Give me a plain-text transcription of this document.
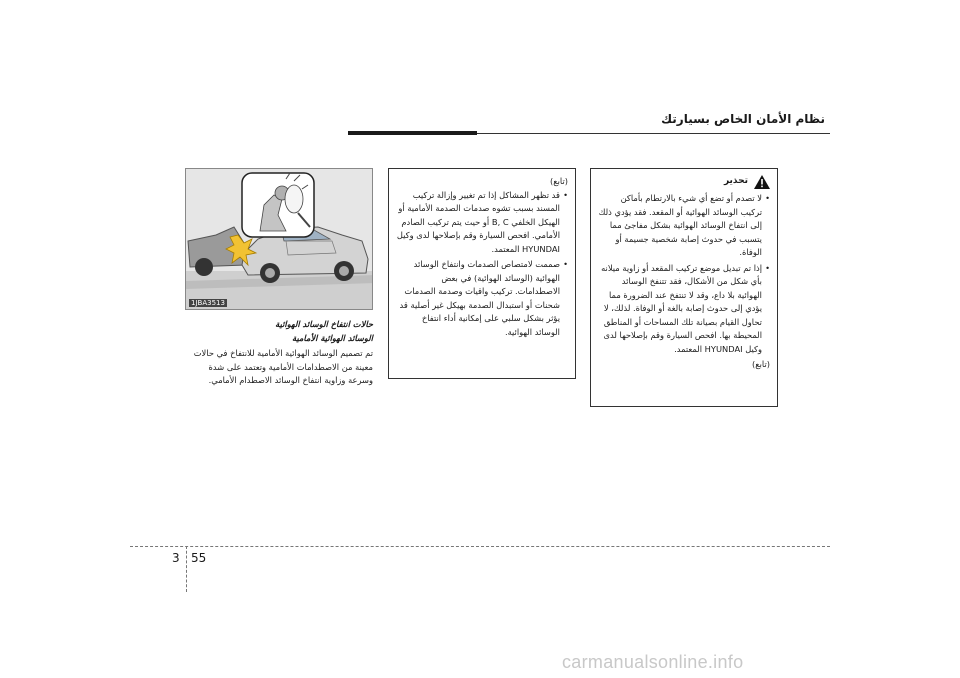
نظام الأمان الخاص بسيارتك
تحذير
• لا تصدم أو تضع أي شيء بالارتطام بأماكن تركيب الوسائد الهوائية أو المقعد. فقد يؤدي ذلك إلى انتفاخ الوسائد الهوائية بشكل مفاجئ مما يتسبب في حدوث إصابة شخصية جسيمة أو الوفاة.
• إذا تم تبديل موضع تركيب المقعد أو زاوية ميلانه بأي شكل من الأشكال، فقد تتنفخ الوسائد الهوائية بلا داع، وقد لا تنتفخ عند الضرورة مما يؤدي إلى حدوث إصابة بالغة أو الوفاة. لذلك، لا تحاول القيام بصيانة تلك المساحات أو المناطق المحيطة بها. افحص السيارة وقم بإصلاحها لدى وكيل HYUNDAI المعتمد.
(تابع)
(تابع)
• قد تظهر المشاكل إذا تم تغيير وإزالة تركيب المسند بسبب تشوه صدمات الصدمة الأمامية أو الهيكل الخلفي B, C أو حيث يتم تركيب الصادم الأمامي. افحص السيارة وقم بإصلاحها لدى وكيل HYUNDAI المعتمد.
• صممت لامتصاص الصدمات وانتفاخ الوسائد الهوائية (الوسائد الهوائية) في بعض الاصطدامات. تركيب واقيات وصدمة الصدمات شحنات أو استبدال الصدمة بهيكل غير أصلية قد يؤثر بشكل سلبي على إمكانية أداء انتفاخ الوسائد الهوائية.
1JBA3513
حالات انتفاخ الوسائد الهوائية
الوسائد الهوائية الأمامية

تم تصميم الوسائد الهوائية الأمامية للانتفاخ في حالات معينة من الاصطدامات الأمامية وتعتمد على شدة وسرعة وزاوية انتفاخ الوسائد الاصطدام الأمامي.

3 55
carmanualsonline.info
